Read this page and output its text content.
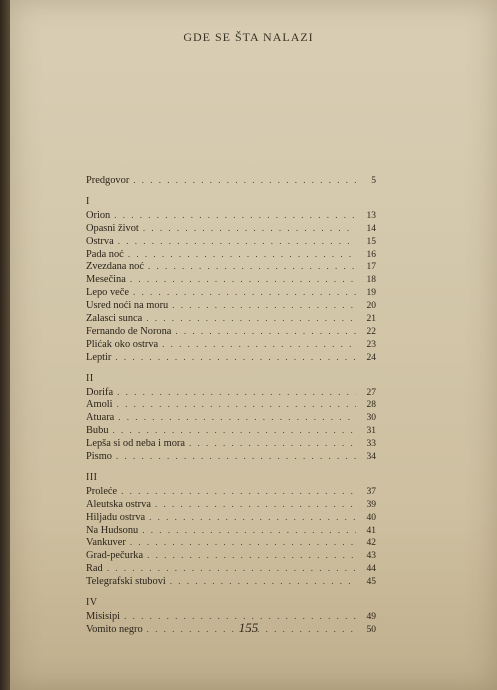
GDE SE ŠTA NALAZI
Predgovor . . .	5
I
Orion . . .	13
Opasni život . . .	14
Ostrva . . .	15
Pada noć . . .	16
Zvezdana noć . . .	17
Mesečina . . .	18
Lepo veče . . .	19
Usred noći na moru . . .	20
Zalasci sunca . . .	21
Fernando de Norona . . .	22
Plićak oko ostrva . . .	23
Leptir . . .	24
II
Dorifa . . .	27
Amoli . . .	28
Atuara . . .	30
Bubu . . .	31
Lepša si od neba i mora . . .	33
Pismo . . .	34
III
Proleće . . .	37
Aleutska ostrva . . .	39
Hiljadu ostrva . . .	40
Na Hudsonu . . .	41
Vankuver . . .	42
Grad-pečurka . . .	43
Rad . . .	44
Telegrafski stubovi . . .	45
IV
Misisipi . . .	49
Vomito negro . . .	50
155
